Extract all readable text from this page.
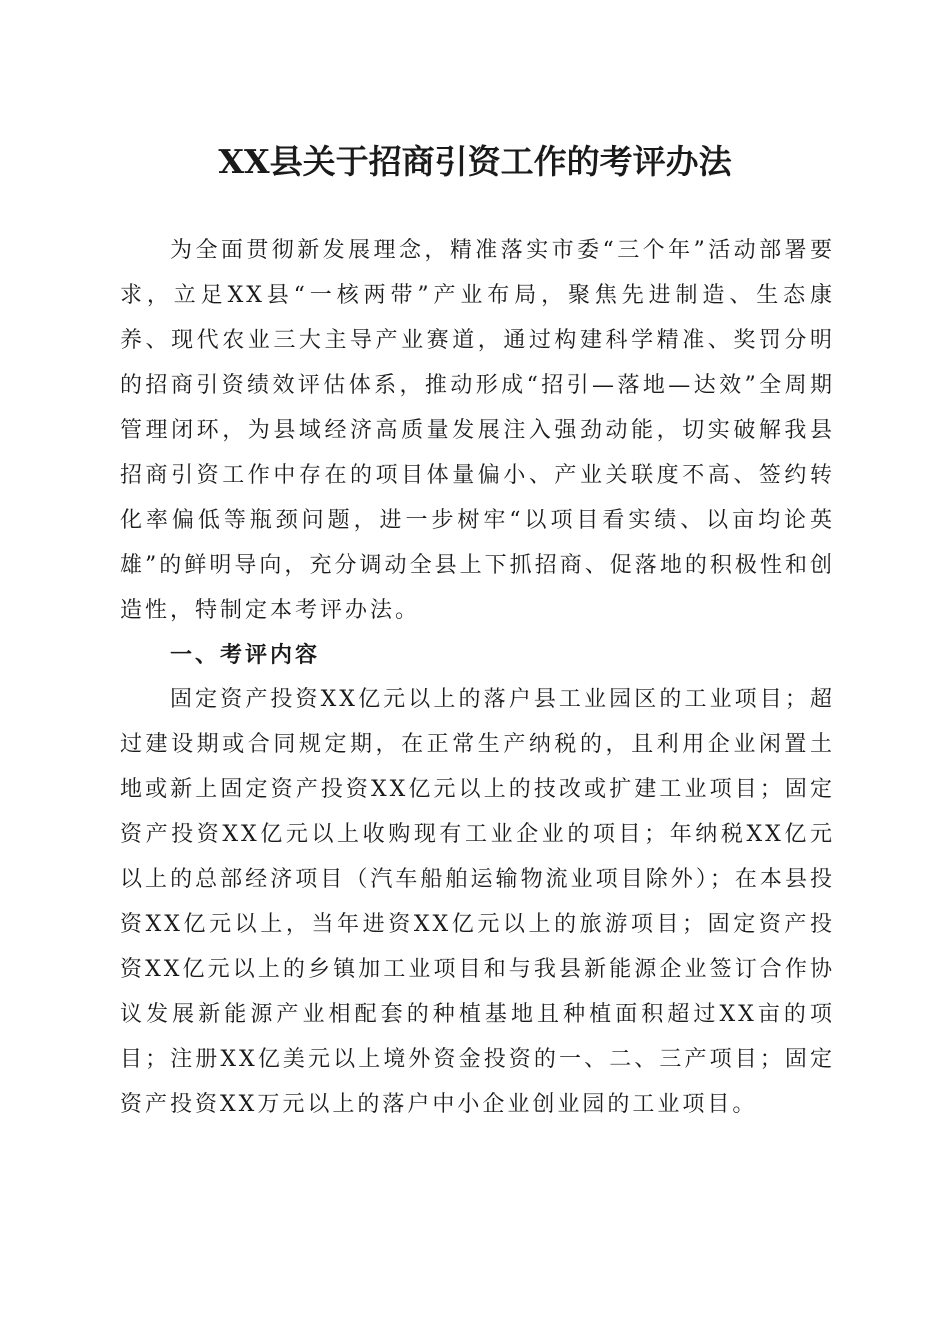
XX县关于招商引资工作的考评办法

为全面贯彻新发展理念，精准落实市委“三个年”活动部署要求，立足XX县“一核两带”产业布局，聚焦先进制造、生态康养、现代农业三大主导产业赛道，通过构建科学精准、奖罚分明的招商引资绩效评估体系，推动形成“招引—落地—达效”全周期管理闭环，为县域经济高质量发展注入强劲动能，切实破解我县招商引资工作中存在的项目体量偏小、产业关联度不高、签约转化率偏低等瓶颈问题，进一步树牢“以项目看实绩、以亩均论英雄”的鲜明导向，充分调动全县上下抓招商、促落地的积极性和创造性，特制定本考评办法。

一、考评内容

固定资产投资XX亿元以上的落户县工业园区的工业项目；超过建设期或合同规定期，在正常生产纳税的，且利用企业闲置土地或新上固定资产投资XX亿元以上的技改或扩建工业项目；固定资产投资XX亿元以上收购现有工业企业的项目；年纳税XX亿元以上的总部经济项目（汽车船舶运输物流业项目除外）；在本县投资XX亿元以上，当年进资XX亿元以上的旅游项目；固定资产投资XX亿元以上的乡镇加工业项目和与我县新能源企业签订合作协议发展新能源产业相配套的种植基地且种植面积超过XX亩的项目；注册XX亿美元以上境外资金投资的一、二、三产项目；固定资产投资XX万元以上的落户中小企业创业园的工业项目。
